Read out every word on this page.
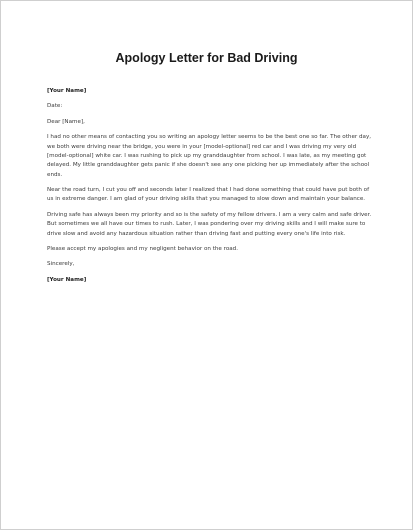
Apology Letter for Bad Driving

[Your Name]

Date:

Dear [Name],

I had no other means of contacting you so writing an apology letter seems to be the best one so far. The other day, we both were driving near the bridge, you were in your [model-optional] red car and I was driving my very old [model-optional] white car. I was rushing to pick up my granddaughter from school. I was late, as my meeting got delayed. My little granddaughter gets panic if she doesn't see any one picking her up immediately after the school ends.

Near the road turn, I cut you off and seconds later I realized that I had done something that could have put both of us in extreme danger. I am glad of your driving skills that you managed to slow down and maintain your balance.

Driving safe has always been my priority and so is the safety of my fellow drivers. I am a very calm and safe driver. But sometimes we all have our times to rush. Later, I was pondering over my driving skills and I will make sure to drive slow and avoid any hazardous situation rather than driving fast and putting every one's life into risk.

Please accept my apologies and my negligent behavior on the road.

Sincerely,

[Your Name]
